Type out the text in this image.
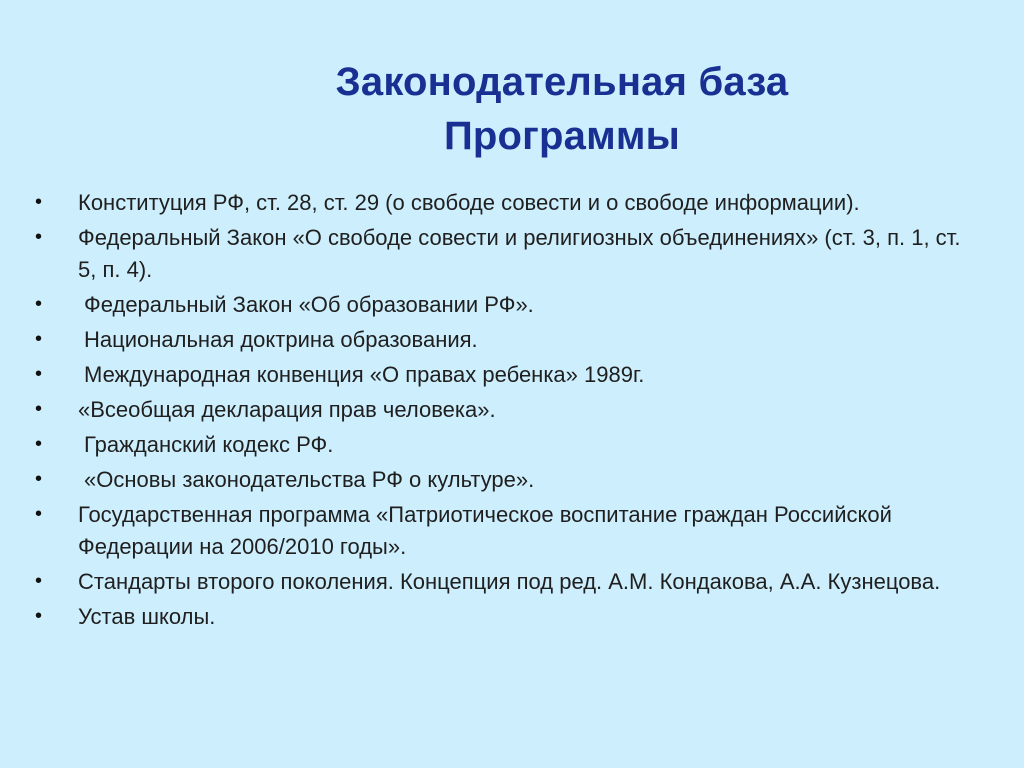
Законодательная база
Программы
•	Конституция РФ, ст. 28, ст. 29 (о свободе совести и о свободе информации).
•	Федеральный Закон «О свободе совести и религиозных объединениях» (ст. 3, п. 1, ст. 5, п. 4).
•	Федеральный Закон «Об образовании РФ».
•	Национальная доктрина образования.
•	Международная конвенция «О правах ребенка» 1989г.
•	«Всеобщая декларация прав человека».
•	Гражданский кодекс РФ.
•	«Основы законодательства РФ о культуре».
•	Государственная программа «Патриотическое воспитание граждан Российской Федерации на 2006/2010 годы».
•	Стандарты второго поколения. Концепция под ред. А.М. Кондакова, А.А. Кузнецова.
•	Устав школы.
